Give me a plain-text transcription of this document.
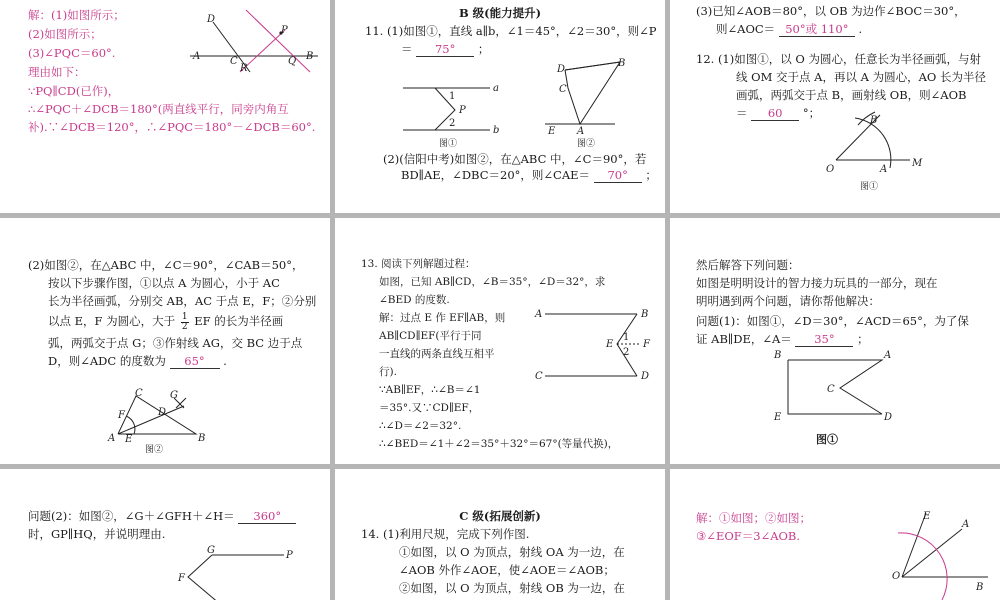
解：(1)如图所示；
(2)如图所示；
(3)∠PQC＝60°.
理由如下：
∵PQ∥CD(已作)，
∴∠PQC＋∠DCB＝180°(两直线平行，同旁内角互
补).∵∠DCB＝120°，∴∠PQC＝180°－∠DCB＝60°.
D
P
A	C	B
R
Q
B 级(能力提升)
11. (1)如图①，直线 a∥b，∠1＝45°，∠2＝30°，则∠P
＝ 75° ；
a
b
P
1
2
图①
D
B
C
E A
图②
(2)(信阳中考)如图②，在△ABC 中，∠C＝90°，若
BD∥AE，∠DBC＝20°，则∠CAE＝ 70° ；
(3)已知∠AOB＝80°，以 OB 为边作∠BOC＝30°，
则∠AOC＝ 50°或 110° .
12. (1)如图①，以 O 为圆心，任意长为半径画弧，与射
线 OM 交于点 A，再以 A 为圆心，AO 长为半径
画弧，两弧交于点 B，画射线 OB，则∠AOB
＝ 60 °；
B
O	A
M
图①
(2)如图②，在△ABC 中，∠C＝90°，∠CAB＝50°，
按以下步骤作图，①以点 A 为圆心，小于 AC
长为半径画弧，分别交 AB，AC 于点 E，F；②分别
以点 E，F 为圆心，大于 $\frac{1}{2}$ EF 的长为半径画
弧，两弧交于点 G；③作射线 AG，交 BC 边于点
D，则∠ADC 的度数为 65° .
C	G
D
F
A E	B
图②
13. 阅读下列解题过程：
如图，已知 AB∥CD，∠B＝35°，∠D＝32°，求
∠BED 的度数.
解：过点 E 作 EF∥AB，则
AB∥CD∥EF(平行于同
一直线的两条直线互相平
行).
∵AB∥EF，∴∠B＝∠1
＝35°.又∵CD∥EF，
∴∠D＝∠2＝32°.
∴∠BED＝∠1＋∠2＝35°＋32°＝67°(等量代换)，
A	B
E	F
1
2
C	D
然后解答下列问题：
如图是明明设计的智力接力玩具的一部分，现在
明明遇到两个问题，请你帮他解决：
问题(1)：如图①，∠D＝30°，∠ACD＝65°，为了保
证 AB∥DE，∠A＝ 35° ；
B	A
C
E	D
图①
问题(2)：如图②，∠G＋∠GFH＋∠H＝ 360°
时，GP∥HQ，并说明理由.
G	P
F
C 级(拓展创新)
14. (1)利用尺规，完成下列作图.
①如图，以 O 为顶点，射线 OA 为一边，在
∠AOB 外作∠AOE，使∠AOE＝∠AOB；
②如图，以 O 为顶点，射线 OB 为一边，在
解：①如图；②如图；
③∠EOF＝3∠AOB.
E
A
O
B
